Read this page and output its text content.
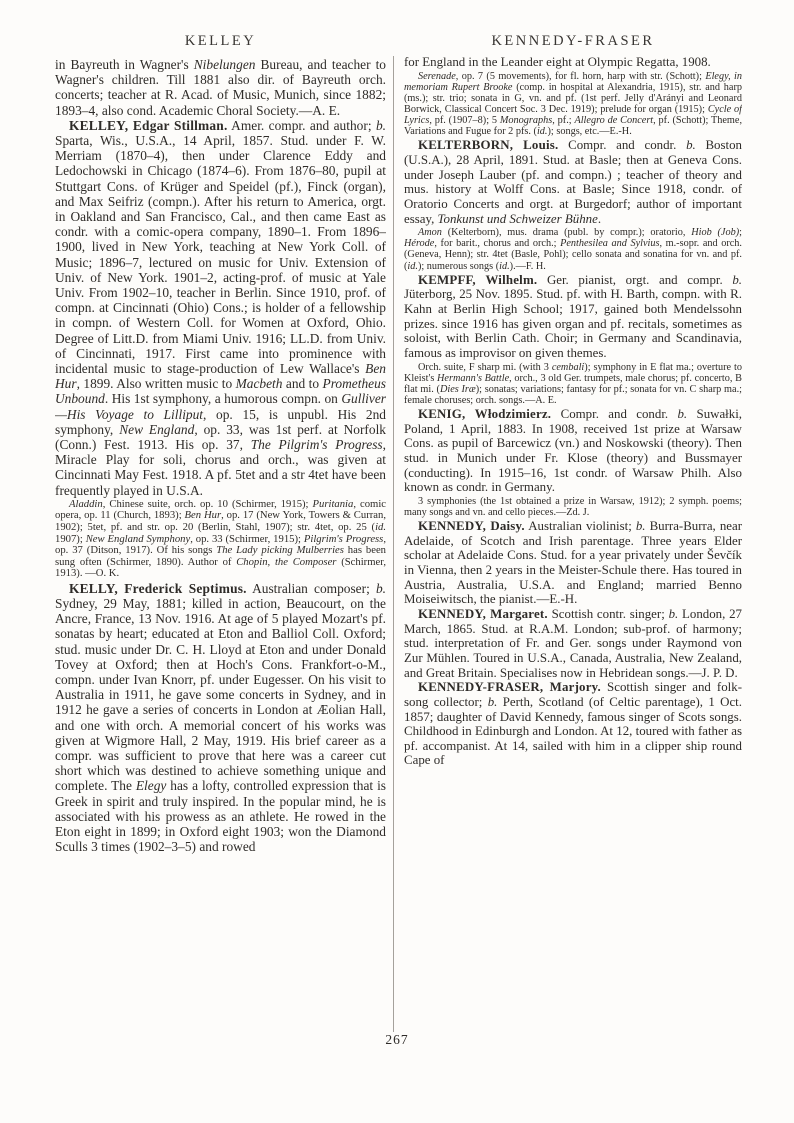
KELLEY	KENNEDY-FRASER

in Bayreuth in Wagner's Nibelungen Bureau, and teacher to Wagner's children. Till 1881 also dir. of Bayreuth orch. concerts; teacher at R. Acad. of Music, Munich, since 1882; 1893–4, also cond. Academic Choral Society.—A. E.

KELLEY, Edgar Stillman. Amer. compr. and author; b. Sparta, Wis., U.S.A., 14 April, 1857. Stud. under F. W. Merriam (1870–4), then under Clarence Eddy and Ledochowski in Chicago (1874–6). From 1876–80, pupil at Stuttgart Cons. of Krüger and Speidel (pf.), Finck (organ), and Max Seifriz (compn.). After his return to America, orgt. in Oakland and San Francisco, Cal., and then came East as condr. with a comic-opera company, 1890–1. From 1896–1900, lived in New York, teaching at New York Coll. of Music; 1896–7, lectured on music for Univ. Extension of Univ. of New York. 1901–2, acting-prof. of music at Yale Univ. From 1902–10, teacher in Berlin. Since 1910, prof. of compn. at Cincinnati (Ohio) Cons.; is holder of a fellowship in compn. of Western Coll. for Women at Oxford, Ohio. Degree of Litt.D. from Miami Univ. 1916; LL.D. from Univ. of Cincinnati, 1917. First came into prominence with incidental music to stage-production of Lew Wallace's Ben Hur, 1899. Also written music to Macbeth and to Prometheus Unbound. His 1st symphony, a humorous compn. on Gulliver—His Voyage to Lilliput, op. 15, is unpubl. His 2nd symphony, New England, op. 33, was 1st perf. at Norfolk (Conn.) Fest. 1913. His op. 37, The Pilgrim's Progress, Miracle Play for soli, chorus and orch., was given at Cincinnati May Fest. 1918. A pf. 5tet and a str 4tet have been frequently played in U.S.A.

Aladdin, Chinese suite, orch. op. 10 (Schirmer, 1915); Puritania, comic opera, op. 11 (Church, 1893); Ben Hur, op. 17 (New York, Towers & Curran, 1902); 5tet, pf. and str. op. 20 (Berlin, Stahl, 1907); str. 4tet, op. 25 (id. 1907); New England Symphony, op. 33 (Schirmer, 1915); Pilgrim's Progress, op. 37 (Ditson, 1917). Of his songs The Lady picking Mulberries has been sung often (Schirmer, 1890). Author of Chopin, the Composer (Schirmer, 1913). —O. K.

KELLY, Frederick Septimus. Australian composer; b. Sydney, 29 May, 1881; killed in action, Beaucourt, on the Ancre, France, 13 Nov. 1916. At age of 5 played Mozart's pf. sonatas by heart; educated at Eton and Balliol Coll. Oxford; stud. music under Dr. C. H. Lloyd at Eton and under Donald Tovey at Oxford; then at Hoch's Cons. Frankfort-o-M., compn. under Ivan Knorr, pf. under Eugesser. On his visit to Australia in 1911, he gave some concerts in Sydney, and in 1912 he gave a series of concerts in London at Æolian Hall, and one with orch. A memorial concert of his works was given at Wigmore Hall, 2 May, 1919. His brief career as a compr. was sufficient to prove that here was a career cut short which was destined to achieve something unique and complete. The Elegy has a lofty, controlled expression that is Greek in spirit and truly inspired. In the popular mind, he is associated with his prowess as an athlete. He rowed in the Eton eight in 1899; in Oxford eight 1903; won the Diamond Sculls 3 times (1902–3–5) and rowed

for England in the Leander eight at Olympic Regatta, 1908.

Serenade, op. 7 (5 movements), for fl. horn, harp with str. (Schott); Elegy, in memoriam Rupert Brooke (comp. in hospital at Alexandria, 1915), str. and harp (ms.); str. trio; sonata in G, vn. and pf. (1st perf. Jelly d'Arányi and Leonard Borwick, Classical Concert Soc. 3 Dec. 1919); prelude for organ (1915); Cycle of Lyrics, pf. (1907–8); 5 Monographs, pf.; Allegro de Concert, pf. (Schott); Theme, Variations and Fugue for 2 pfs. (id.); songs, etc.—E.-H.

KELTERBORN, Louis. Compr. and condr. b. Boston (U.S.A.), 28 April, 1891. Stud. at Basle; then at Geneva Cons. under Joseph Lauber (pf. and compn.) ; teacher of theory and mus. history at Wolff Cons. at Basle; Since 1918, condr. of Oratorio Concerts and orgt. at Burgedorf; author of important essay, Tonkunst und Schweizer Bühne.

Amon (Kelterborn), mus. drama (publ. by compr.); oratorio, Hiob (Job); Hérode, for barit., chorus and orch.; Penthesilea and Sylvius, m.-sopr. and orch. (Geneva, Henn); str. 4tet (Basle, Pohl); cello sonata and sonatina for vn. and pf. (id.); numerous songs (id.).—F. H.

KEMPFF, Wilhelm. Ger. pianist, orgt. and compr. b. Jüterborg, 25 Nov. 1895. Stud. pf. with H. Barth, compn. with R. Kahn at Berlin High School; 1917, gained both Mendelssohn prizes. since 1916 has given organ and pf. recitals, sometimes as soloist, with Berlin Cath. Choir; in Germany and Scandinavia, famous as improvisor on given themes.

Orch. suite, F sharp mi. (with 3 cembali); symphony in E flat ma.; overture to Kleist's Hermann's Battle, orch., 3 old Ger. trumpets, male chorus; pf. concerto, B flat mi. (Dies Iræ); sonatas; variations; fantasy for pf.; sonata for vn. C sharp ma.; female choruses; orch. songs.—A. E.

KENIG, Włodzimierz. Compr. and condr. b. Suwałki, Poland, 1 April, 1883. In 1908, received 1st prize at Warsaw Cons. as pupil of Barcewicz (vn.) and Noskowski (theory). Then stud. in Munich under Fr. Klose (theory) and Bussmayer (conducting). In 1915–16, 1st condr. of Warsaw Philh. Also known as condr. in Germany.

3 symphonies (the 1st obtained a prize in Warsaw, 1912); 2 symph. poems; many songs and vn. and cello pieces.—Zd. J.

KENNEDY, Daisy. Australian violinist; b. Burra-Burra, near Adelaide, of Scotch and Irish parentage. Three years Elder scholar at Adelaide Cons. Stud. for a year privately under Ševčík in Vienna, then 2 years in the Meister-Schule there. Has toured in Austria, Australia, U.S.A. and England; married Benno Moiseiwitsch, the pianist.—E.-H.

KENNEDY, Margaret. Scottish contr. singer; b. London, 27 March, 1865. Stud. at R.A.M. London; sub-prof. of harmony; stud. interpretation of Fr. and Ger. songs under Raymond von Zur Mühlen. Toured in U.S.A., Canada, Australia, New Zealand, and Great Britain. Specialises now in Hebridean songs.—J. P. D.

KENNEDY-FRASER, Marjory. Scottish singer and folk-song collector; b. Perth, Scotland (of Celtic parentage), 1 Oct. 1857; daughter of David Kennedy, famous singer of Scots songs. Childhood in Edinburgh and London. At 12, toured with father as pf. accompanist. At 14, sailed with him in a clipper ship round Cape of

267
